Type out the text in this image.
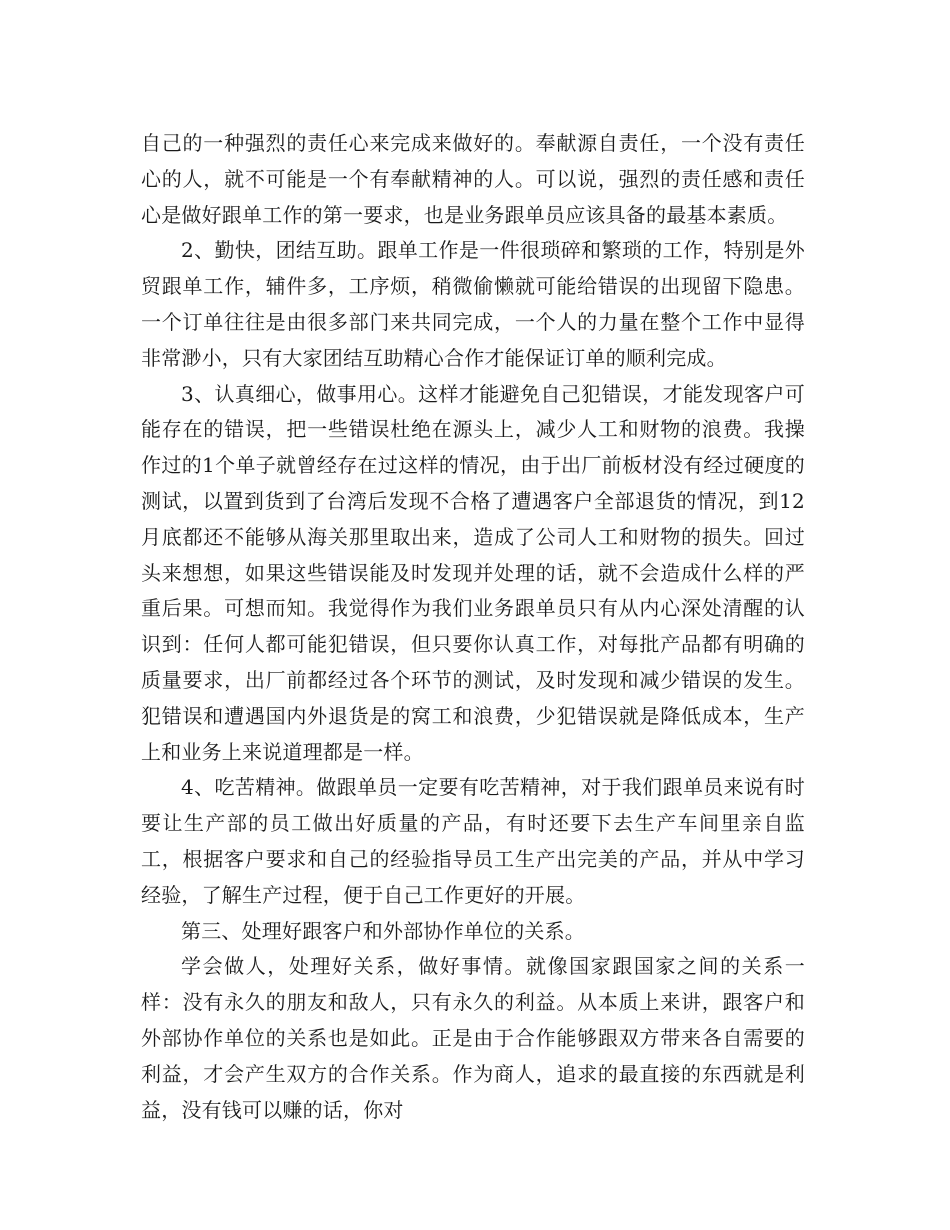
自己的一种强烈的责任心来完成来做好的。奉献源自责任，一个没有责任心的人，就不可能是一个有奉献精神的人。可以说，强烈的责任感和责任心是做好跟单工作的第一要求，也是业务跟单员应该具备的最基本素质。

2、勤快，团结互助。跟单工作是一件很琐碎和繁琐的工作，特别是外贸跟单工作，辅件多，工序烦，稍微偷懒就可能给错误的出现留下隐患。一个订单往往是由很多部门来共同完成，一个人的力量在整个工作中显得非常渺小，只有大家团结互助精心合作才能保证订单的顺利完成。

3、认真细心，做事用心。这样才能避免自己犯错误，才能发现客户可能存在的错误，把一些错误杜绝在源头上，减少人工和财物的浪费。我操作过的1个单子就曾经存在过这样的情况，由于出厂前板材没有经过硬度的测试，以置到货到了台湾后发现不合格了遭遇客户全部退货的情况，到12月底都还不能够从海关那里取出来，造成了公司人工和财物的损失。回过头来想想，如果这些错误能及时发现并处理的话，就不会造成什么样的严重后果。可想而知。我觉得作为我们业务跟单员只有从内心深处清醒的认识到：任何人都可能犯错误，但只要你认真工作，对每批产品都有明确的质量要求，出厂前都经过各个环节的测试，及时发现和减少错误的发生。犯错误和遭遇国内外退货是的窝工和浪费，少犯错误就是降低成本，生产上和业务上来说道理都是一样。

4、吃苦精神。做跟单员一定要有吃苦精神，对于我们跟单员来说有时要让生产部的员工做出好质量的产品，有时还要下去生产车间里亲自监工，根据客户要求和自己的经验指导员工生产出完美的产品，并从中学习经验，了解生产过程，便于自己工作更好的开展。

第三、处理好跟客户和外部协作单位的关系。

学会做人，处理好关系，做好事情。就像国家跟国家之间的关系一样：没有永久的朋友和敌人，只有永久的利益。从本质上来讲，跟客户和外部协作单位的关系也是如此。正是由于合作能够跟双方带来各自需要的利益，才会产生双方的合作关系。作为商人，追求的最直接的东西就是利益，没有钱可以赚的话，你对
